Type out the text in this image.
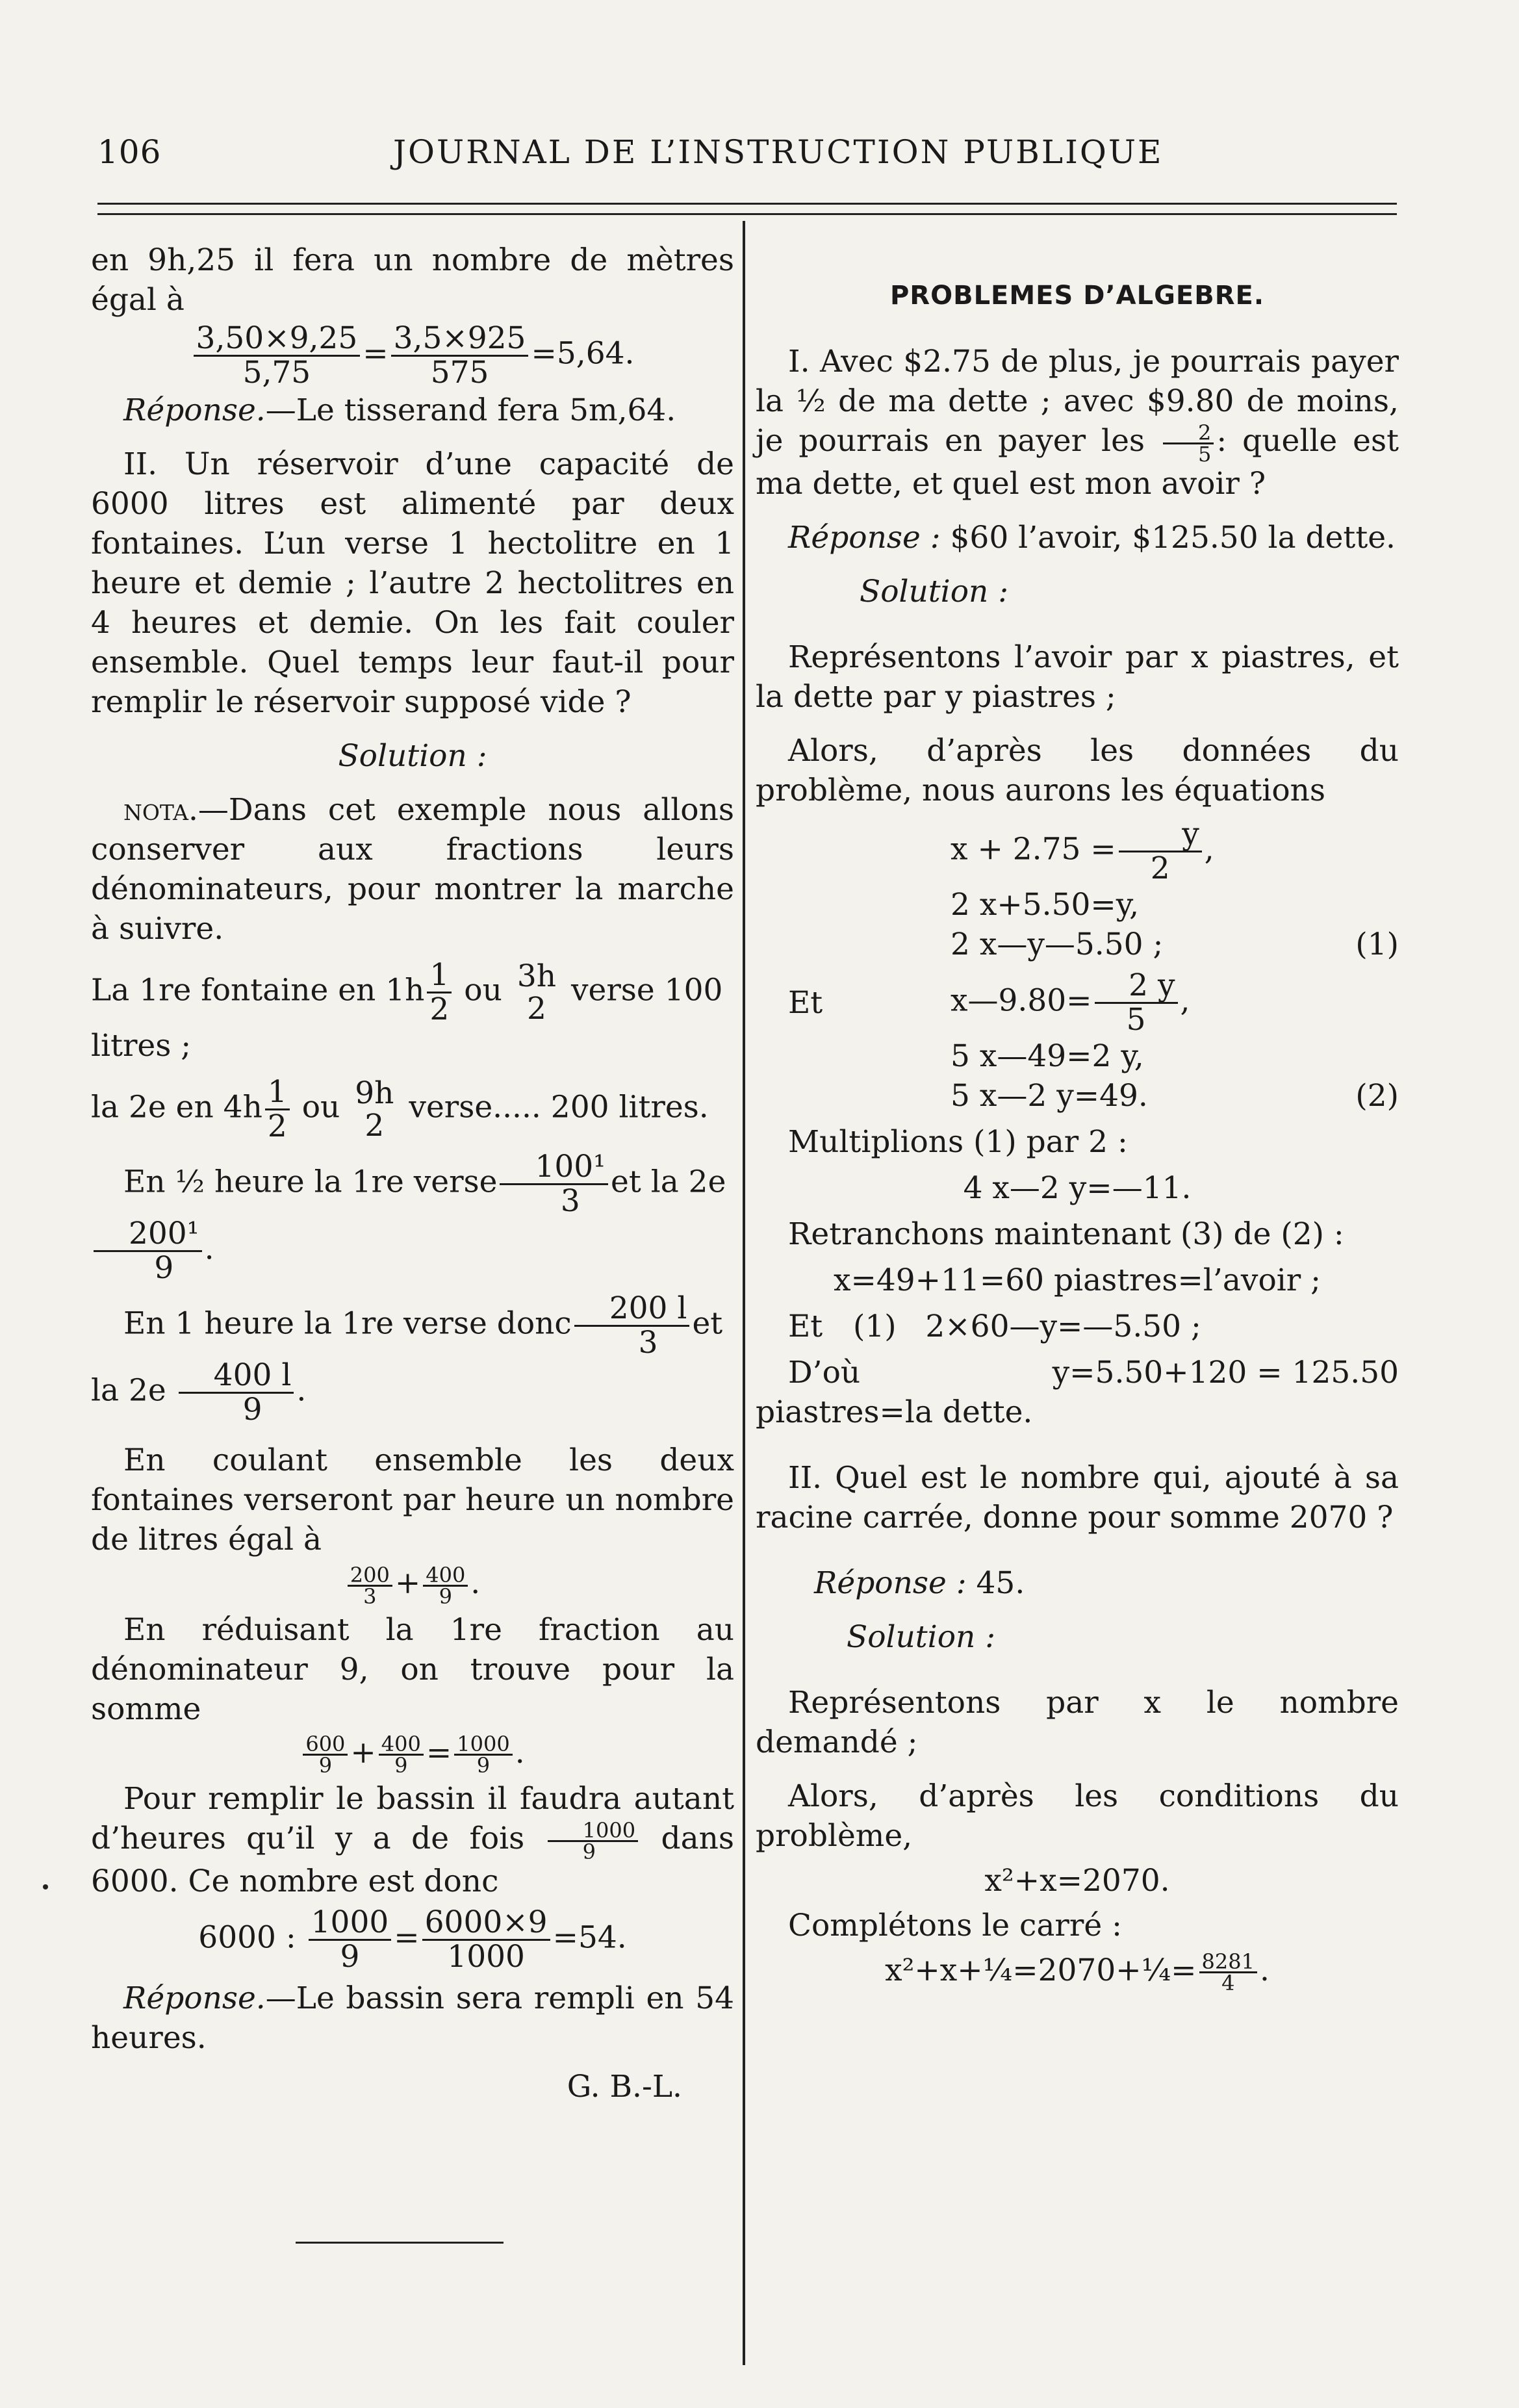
106	JOURNAL DE L’INSTRUCTION PUBLIQUE

en 9h,25 il fera un nombre de mètres égal à

$\frac{3,50\times 9,25}{5,75} = \frac{3,5\times 925}{575} =5,64$.

Réponse.—Le tisserand fera 5m,64.

II. Un réservoir d’une capacité de 6000 litres est alimenté par deux fontaines. L’un verse 1 hectolitre en 1 heure et demie ; l’autre 2 hectolitres en 4 heures et demie. On les fait couler ensemble. Quel temps leur faut-il pour remplir le réservoir supposé vide ?

Solution :

nota.—Dans cet exemple nous allons conserver aux fractions leurs dénominateurs, pour montrer la marche à suivre.

La 1re fontaine en $1h \frac{1}{2}$ ou 3h
2
verse 100 litres ;

la 2e en $4h \frac{1}{2}$ ou 9h
2
verse..... 200 litres.

En ½ heure la 1re verse $\frac{\text{100¹}}{3}$ et la 2e
$\frac{\text{200¹}}{9}$ .

En 1 heure la 1re verse donc $\frac{200 l}{3}$ et la $2e \frac{400 l}{9}$ .

En coulant ensemble les deux fontaines verseront par heure un nombre de litres égal à

$\frac{200}{3} + \frac{400}{9}$ .

En réduisant la 1re fraction au dénominateur 9, on trouve pour la somme

$\frac{600}{9} + \frac{400}{9} = \frac{1000}{9}$ .

Pour remplir le bassin il faudra autant d’heures qu’il y a de fois $\frac{1000}{9}$ dans 6000. Ce nombre est donc

6000 : $\frac{1000}{9} = \frac{6000\times 9}{1000} =54$.

Réponse.—Le bassin sera rempli en 54 heures.

G. B.-L.

PROBLEMES D’ALGEBRE.

I. Avec $2.75 de plus, je pourrais payer la ½ de ma dette ; avec $9.80 de moins, je pourrais en payer les $\frac{2}{5}$ : quelle est ma dette, et quel est mon avoir ?

Réponse : $60 l’avoir, $125.50 la dette.

Solution :

Représentons l’avoir par x piastres, et la dette par y piastres ;

Alors, d’après les données du problème, nous aurons les équations

$x + 2.75 = \frac{y}{2}$ ,
2 x+5.50=y,
2 x—y—5.50 ;	(1)
Et	x—9.80= $\frac{2 y}{5}$ ,
5 x—49=2 y,
5 x—2 y=49.	(2)

Multiplions (1) par 2 :

4 x—2 y=—11.

Retranchons maintenant (3) de (2) :

x=49+11=60 piastres=l’avoir ;

Et (1)   2×60—y=—5.50 ;
D’où	y=5.50+120 = 125.50

piastres=la dette.

II. Quel est le nombre qui, ajouté à sa racine carrée, donne pour somme 2070 ?

Réponse : 45.

Solution :

Représentons par x le nombre demandé ;

Alors, d’après les conditions du problème,

x²+x=2070.

Complétons le carré :

x²+x+¼=2070+¼= $\frac{8281}{4}$ .
